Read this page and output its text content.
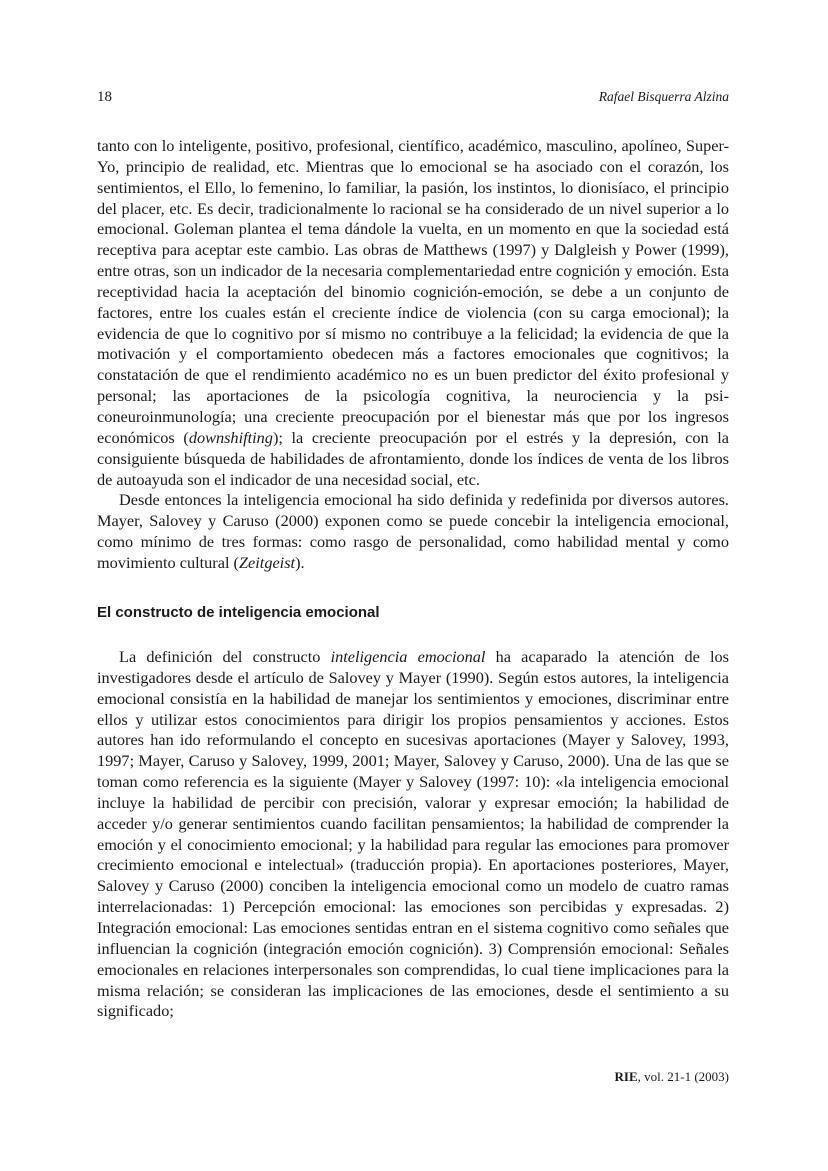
18	Rafael Bisquerra Alzina

tanto con lo inteligente, positivo, profesional, científico, académico, masculino, apolíneo, Super-Yo, principio de realidad, etc. Mientras que lo emocional se ha asociado con el corazón, los sentimientos, el Ello, lo femenino, lo familiar, la pasión, los instintos, lo dionisíaco, el principio del placer, etc. Es decir, tradicionalmente lo racional se ha considerado de un nivel superior a lo emocional. Goleman plantea el tema dándole la vuelta, en un momento en que la sociedad está receptiva para aceptar este cambio. Las obras de Matthews (1997) y Dalgleish y Power (1999), entre otras, son un indicador de la necesaria complementariedad entre cognición y emoción. Esta receptividad hacia la aceptación del binomio cognición-emoción, se debe a un conjunto de factores, entre los cuales están el creciente índice de violencia (con su carga emocional); la evidencia de que lo cognitivo por sí mismo no contribuye a la felicidad; la evidencia de que la motivación y el comportamiento obedecen más a factores emocionales que cognitivos; la constatación de que el rendimiento académico no es un buen predictor del éxito profesional y personal; las aportaciones de la psicología cognitiva, la neurociencia y la psiconeuroinmunología; una creciente preocupación por el bienestar más que por los ingresos económicos (downshifting); la creciente preocupación por el estrés y la depresión, con la consiguiente búsqueda de habilidades de afrontamiento, donde los índices de venta de los libros de autoayuda son el indicador de una necesidad social, etc.

Desde entonces la inteligencia emocional ha sido definida y redefinida por diversos autores. Mayer, Salovey y Caruso (2000) exponen como se puede concebir la inteligencia emocional, como mínimo de tres formas: como rasgo de personalidad, como habilidad mental y como movimiento cultural (Zeitgeist).

El constructo de inteligencia emocional

La definición del constructo inteligencia emocional ha acaparado la atención de los investigadores desde el artículo de Salovey y Mayer (1990). Según estos autores, la inteligencia emocional consistía en la habilidad de manejar los sentimientos y emociones, discriminar entre ellos y utilizar estos conocimientos para dirigir los propios pensamientos y acciones. Estos autores han ido reformulando el concepto en sucesivas aportaciones (Mayer y Salovey, 1993, 1997; Mayer, Caruso y Salovey, 1999, 2001; Mayer, Salovey y Caruso, 2000). Una de las que se toman como referencia es la siguiente (Mayer y Salovey (1997: 10): «la inteligencia emocional incluye la habilidad de percibir con precisión, valorar y expresar emoción; la habilidad de acceder y/o generar sentimientos cuando facilitan pensamientos; la habilidad de comprender la emoción y el conocimiento emocional; y la habilidad para regular las emociones para promover crecimiento emocional e intelectual» (traducción propia). En aportaciones posteriores, Mayer, Salovey y Caruso (2000) conciben la inteligencia emocional como un modelo de cuatro ramas interrelacionadas: 1) Percepción emocional: las emociones son percibidas y expresadas. 2) Integración emocional: Las emociones sentidas entran en el sistema cognitivo como señales que influencian la cognición (integración emoción cognición). 3) Comprensión emocional: Señales emocionales en relaciones interpersonales son comprendidas, lo cual tiene implicaciones para la misma relación; se consideran las implicaciones de las emociones, desde el sentimiento a su significado;

RIE, vol. 21-1 (2003)
